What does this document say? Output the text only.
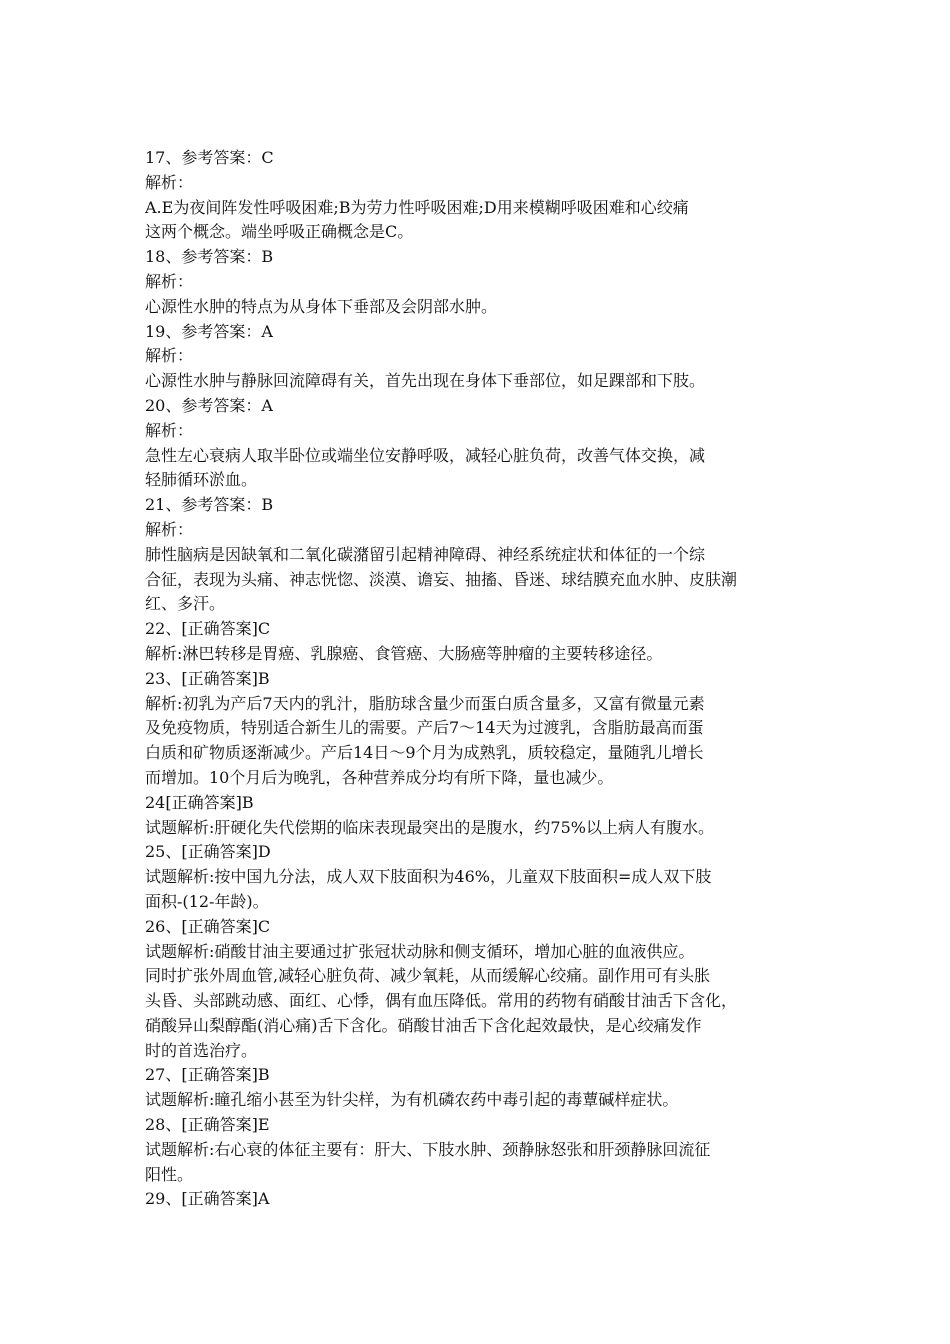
17、参考答案：C
解析：
A.E为夜间阵发性呼吸困难;B为劳力性呼吸困难;D用来模糊呼吸困难和心绞痛
这两个概念。端坐呼吸正确概念是C。
18、参考答案：B
解析：
心源性水肿的特点为从身体下垂部及会阴部水肿。
19、参考答案：A
解析：
心源性水肿与静脉回流障碍有关，首先出现在身体下垂部位，如足踝部和下肢。
20、参考答案：A
解析：
急性左心衰病人取半卧位或端坐位安静呼吸，减轻心脏负荷，改善气体交换，减
轻肺循环淤血。
21、参考答案：B
解析：
肺性脑病是因缺氧和二氧化碳潴留引起精神障碍、神经系统症状和体征的一个综
合征，表现为头痛、神志恍惚、淡漠、谵妄、抽搐、昏迷、球结膜充血水肿、皮肤潮
红、多汗。
22、[正确答案]C
解析:淋巴转移是胃癌、乳腺癌、食管癌、大肠癌等肿瘤的主要转移途径。
23、[正确答案]B
解析:初乳为产后7天内的乳汁，脂肪球含量少而蛋白质含量多，又富有微量元素
及免疫物质，特别适合新生儿的需要。产后7～14天为过渡乳，含脂肪最高而蛋
白质和矿物质逐渐减少。产后14日～9个月为成熟乳，质较稳定，量随乳儿增长
而增加。10个月后为晚乳，各种营养成分均有所下降，量也减少。
24[正确答案]B
试题解析:肝硬化失代偿期的临床表现最突出的是腹水，约75%以上病人有腹水。
25、[正确答案]D
试题解析:按中国九分法，成人双下肢面积为46%，儿童双下肢面积=成人双下肢
面积-(12-年龄)。
26、[正确答案]C
试题解析:硝酸甘油主要通过扩张冠状动脉和侧支循环，增加心脏的血液供应。
同时扩张外周血管,减轻心脏负荷、减少氧耗，从而缓解心绞痛。副作用可有头胀
头昏、头部跳动感、面红、心悸，偶有血压降低。常用的药物有硝酸甘油舌下含化，
硝酸异山梨醇酯(消心痛)舌下含化。硝酸甘油舌下含化起效最快，是心绞痛发作
时的首选治疗。
27、[正确答案]B
试题解析:瞳孔缩小甚至为针尖样，为有机磷农药中毒引起的毒蕈碱样症状。
28、[正确答案]E
试题解析:右心衰的体征主要有：肝大、下肢水肿、颈静脉怒张和肝颈静脉回流征
阳性。
29、[正确答案]A
